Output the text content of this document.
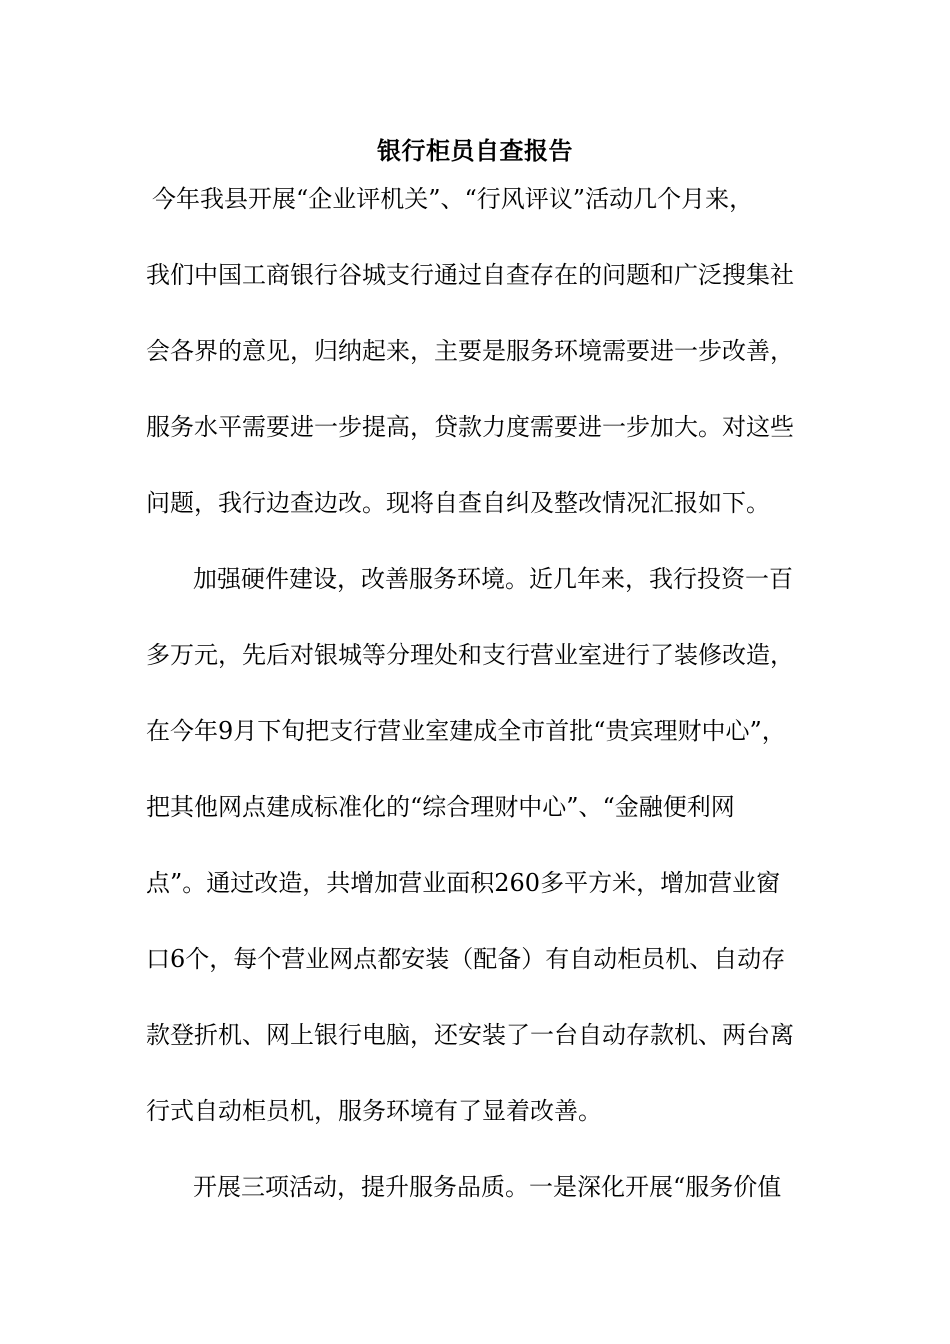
银行柜员自查报告

今年我县开展“企业评机关”、“行风评议”活动几个月来，

我们中国工商银行谷城支行通过自查存在的问题和广泛搜集社

会各界的意见，归纳起来，主要是服务环境需要进一步改善，

服务水平需要进一步提高，贷款力度需要进一步加大。对这些

问题，我行边查边改。现将自查自纠及整改情况汇报如下。

加强硬件建设，改善服务环境。近几年来，我行投资一百

多万元，先后对银城等分理处和支行营业室进行了装修改造，

在今年9月下旬把支行营业室建成全市首批“贵宾理财中心”，

把其他网点建成标准化的“综合理财中心”、“金融便利网

点”。通过改造，共增加营业面积260多平方米，增加营业窗

口6个，每个营业网点都安装（配备）有自动柜员机、自动存

款登折机、网上银行电脑，还安装了一台自动存款机、两台离

行式自动柜员机，服务环境有了显着改善。

开展三项活动，提升服务品质。一是深化开展“服务价值
